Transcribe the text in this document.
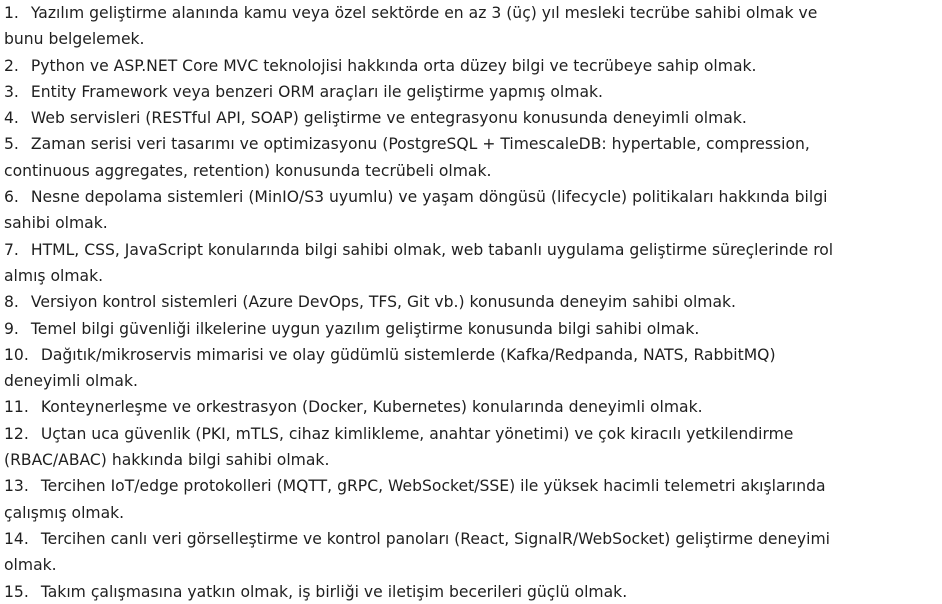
1. Yazılım geliştirme alanında kamu veya özel sektörde en az 3 (üç) yıl mesleki tecrübe sahibi olmak ve
bunu belgelemek.
2. Python ve ASP.NET Core MVC teknolojisi hakkında orta düzey bilgi ve tecrübeye sahip olmak.
3. Entity Framework veya benzeri ORM araçları ile geliştirme yapmış olmak.
4. Web servisleri (RESTful API, SOAP) geliştirme ve entegrasyonu konusunda deneyimli olmak.
5. Zaman serisi veri tasarımı ve optimizasyonu (PostgreSQL + TimescaleDB: hypertable, compression,
continuous aggregates, retention) konusunda tecrübeli olmak.
6. Nesne depolama sistemleri (MinIO/S3 uyumlu) ve yaşam döngüsü (lifecycle) politikaları hakkında bilgi
sahibi olmak.
7. HTML, CSS, JavaScript konularında bilgi sahibi olmak, web tabanlı uygulama geliştirme süreçlerinde rol
almış olmak.
8. Versiyon kontrol sistemleri (Azure DevOps, TFS, Git vb.) konusunda deneyim sahibi olmak.
9. Temel bilgi güvenliği ilkelerine uygun yazılım geliştirme konusunda bilgi sahibi olmak.
10. Dağıtık/mikroservis mimarisi ve olay güdümlü sistemlerde (Kafka/Redpanda, NATS, RabbitMQ)
deneyimli olmak.
11. Konteynerleşme ve orkestrasyon (Docker, Kubernetes) konularında deneyimli olmak.
12. Uçtan uca güvenlik (PKI, mTLS, cihaz kimlikleme, anahtar yönetimi) ve çok kiracılı yetkilendirme
(RBAC/ABAC) hakkında bilgi sahibi olmak.
13. Tercihen IoT/edge protokolleri (MQTT, gRPC, WebSocket/SSE) ile yüksek hacimli telemetri akışlarında
çalışmış olmak.
14. Tercihen canlı veri görselleştirme ve kontrol panoları (React, SignalR/WebSocket) geliştirme deneyimi
olmak.
15. Takım çalışmasına yatkın olmak, iş birliği ve iletişim becerileri güçlü olmak.
